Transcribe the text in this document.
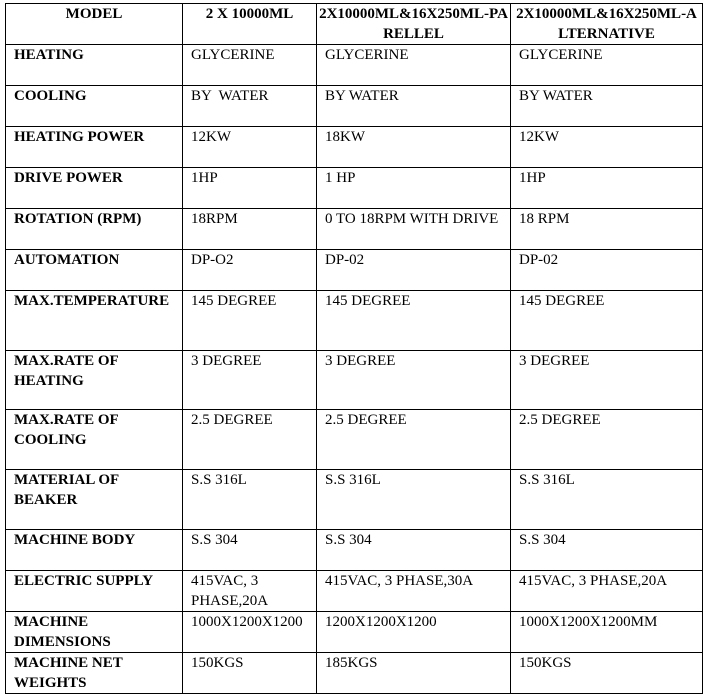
MODEL	2 X 10000ML	2X10000ML&16X250ML-PARELLEL	2X10000ML&16X250ML-ALTERNATIVE
HEATING	GLYCERINE	GLYCERINE	GLYCERINE
COOLING	BY  WATER	BY WATER	BY WATER
HEATING POWER	12KW	18KW	12KW
DRIVE POWER	1HP	1 HP	1HP
ROTATION (RPM)	18RPM	0 TO 18RPM WITH DRIVE	18 RPM
AUTOMATION	DP-O2	DP-02	DP-02
MAX.TEMPERATURE	145 DEGREE	145 DEGREE	145 DEGREE
MAX.RATE OF HEATING	3 DEGREE	3 DEGREE	3 DEGREE
MAX.RATE OF COOLING	2.5 DEGREE	2.5 DEGREE	2.5 DEGREE
MATERIAL OF BEAKER	S.S 316L	S.S 316L	S.S 316L
MACHINE BODY	S.S 304	S.S 304	S.S 304
ELECTRIC SUPPLY	415VAC, 3 PHASE,20A	415VAC, 3 PHASE,30A	415VAC, 3 PHASE,20A
MACHINE DIMENSIONS	1000X1200X1200	1200X1200X1200	1000X1200X1200MM
MACHINE NET WEIGHTS	150KGS	185KGS	150KGS
